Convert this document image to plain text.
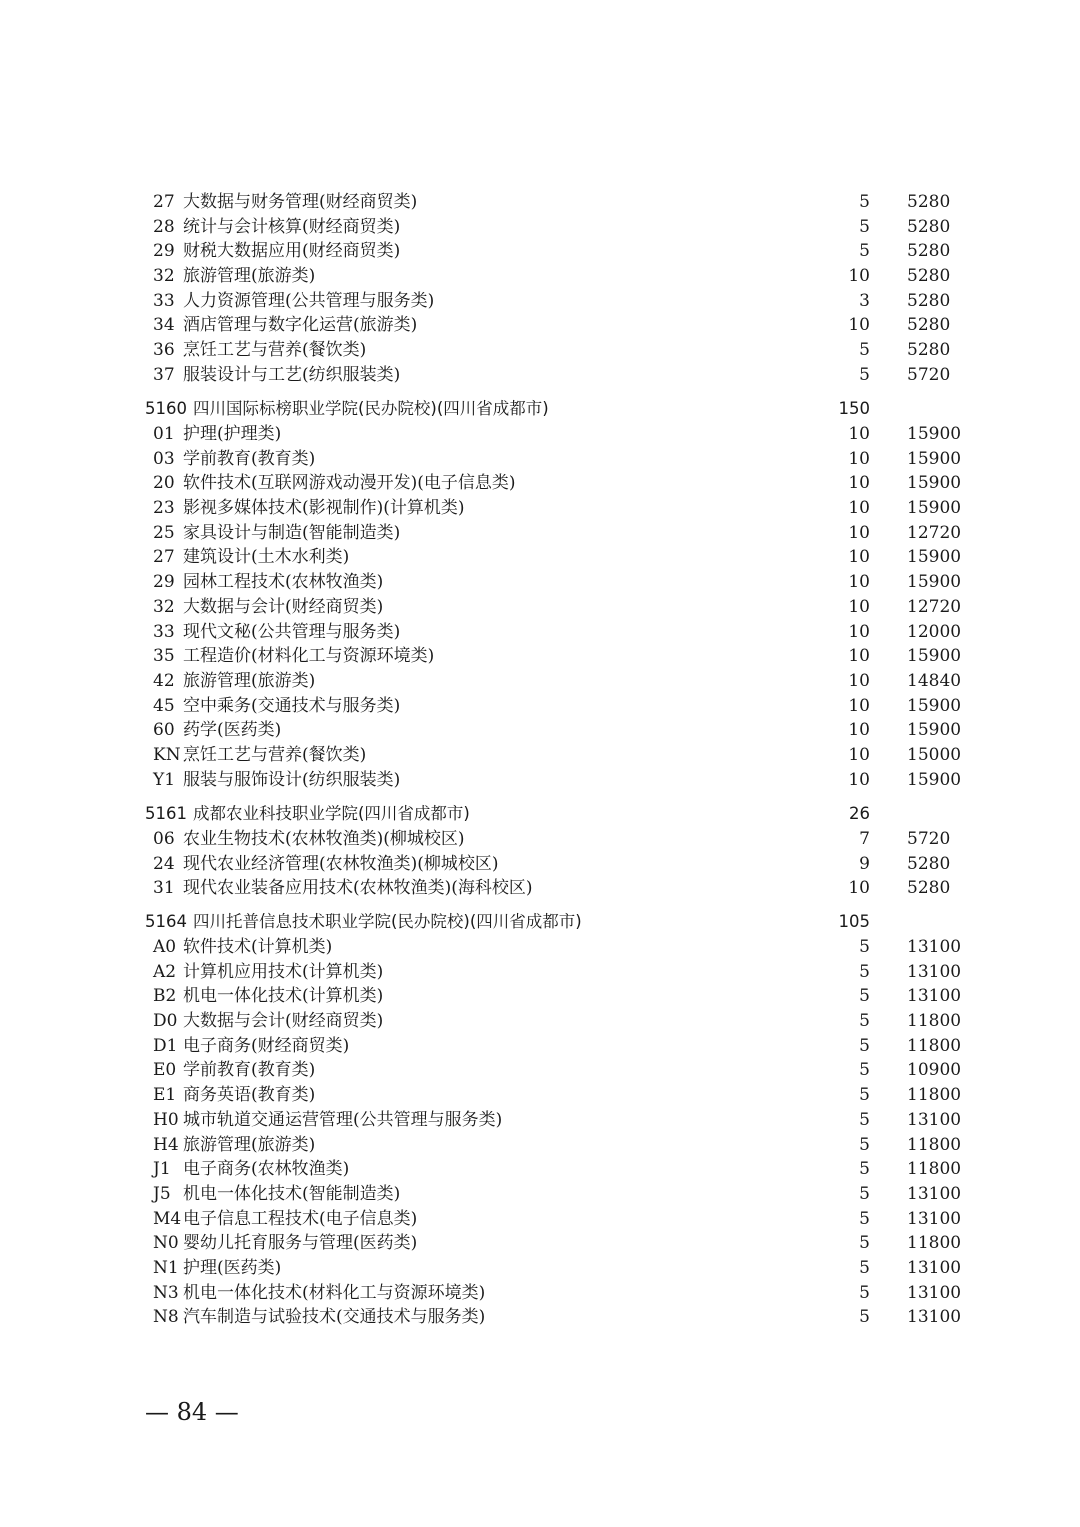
27 大数据与财务管理(财经商贸类)	5 5280
28 统计与会计核算(财经商贸类)	5 5280
29 财税大数据应用(财经商贸类)	5 5280
32 旅游管理(旅游类)	10 5280
33 人力资源管理(公共管理与服务类)	3 5280
34 酒店管理与数字化运营(旅游类)	10 5280
36 烹饪工艺与营养(餐饮类)	5 5280
37 服装设计与工艺(纺织服装类)	5 5720
5160 四川国际标榜职业学院(民办院校)(四川省成都市)	150
01 护理(护理类)	10 15900
03 学前教育(教育类)	10 15900
20 软件技术(互联网游戏动漫开发)(电子信息类)	10 15900
23 影视多媒体技术(影视制作)(计算机类)	10 15900
25 家具设计与制造(智能制造类)	10 12720
27 建筑设计(土木水利类)	10 15900
29 园林工程技术(农林牧渔类)	10 15900
32 大数据与会计(财经商贸类)	10 12720
33 现代文秘(公共管理与服务类)	10 12000
35 工程造价(材料化工与资源环境类)	10 15900
42 旅游管理(旅游类)	10 14840
45 空中乘务(交通技术与服务类)	10 15900
60 药学(医药类)	10 15900
KN 烹饪工艺与营养(餐饮类)	10 15000
Y1 服装与服饰设计(纺织服装类)	10 15900
5161 成都农业科技职业学院(四川省成都市)	26
06 农业生物技术(农林牧渔类)(柳城校区)	7 5720
24 现代农业经济管理(农林牧渔类)(柳城校区)	9 5280
31 现代农业装备应用技术(农林牧渔类)(海科校区)	10 5280
5164 四川托普信息技术职业学院(民办院校)(四川省成都市)	105
A0 软件技术(计算机类)	5 13100
A2 计算机应用技术(计算机类)	5 13100
B2 机电一体化技术(计算机类)	5 13100
D0 大数据与会计(财经商贸类)	5 11800
D1 电子商务(财经商贸类)	5 11800
E0 学前教育(教育类)	5 10900
E1 商务英语(教育类)	5 11800
H0 城市轨道交通运营管理(公共管理与服务类)	5 13100
H4 旅游管理(旅游类)	5 11800
J1 电子商务(农林牧渔类)	5 11800
J5 机电一体化技术(智能制造类)	5 13100
M4 电子信息工程技术(电子信息类)	5 13100
N0 婴幼儿托育服务与管理(医药类)	5 11800
N1 护理(医药类)	5 13100
N3 机电一体化技术(材料化工与资源环境类)	5 13100
N8 汽车制造与试验技术(交通技术与服务类)	5 13100
— 84 —
